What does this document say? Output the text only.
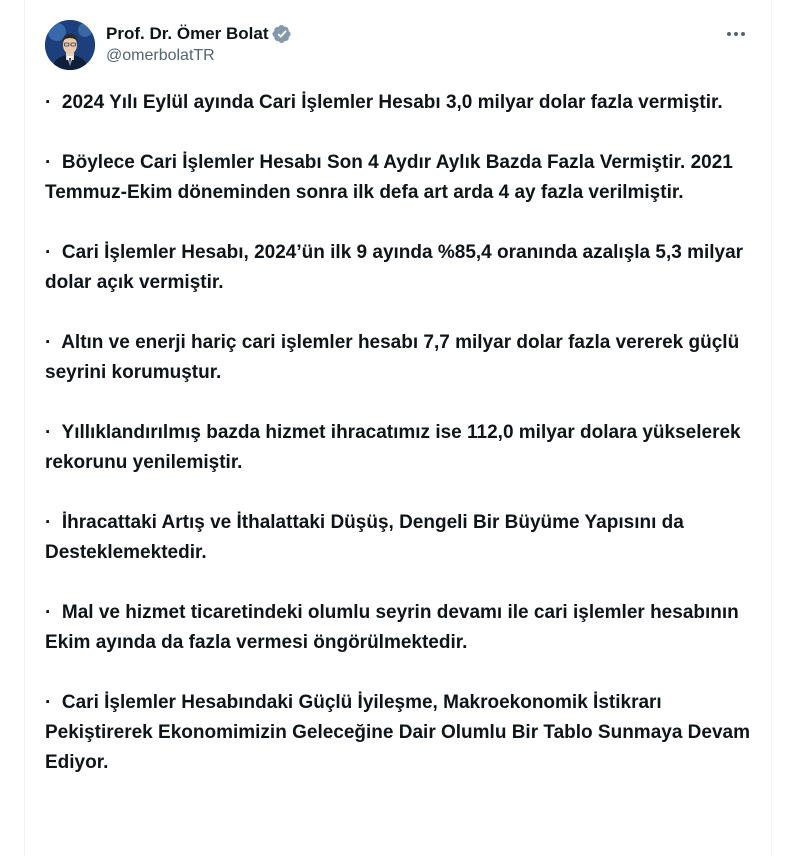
Prof. Dr. Ömer Bolat
@omerbolatTR

· 2024 Yılı Eylül ayında Cari İşlemler Hesabı 3,0 milyar dolar fazla vermiştir.

· Böylece Cari İşlemler Hesabı Son 4 Aydır Aylık Bazda Fazla Vermiştir. 2021 Temmuz-Ekim döneminden sonra ilk defa art arda 4 ay fazla verilmiştir.

· Cari İşlemler Hesabı, 2024’ün ilk 9 ayında %85,4 oranında azalışla 5,3 milyar dolar açık vermiştir.

· Altın ve enerji hariç cari işlemler hesabı 7,7 milyar dolar fazla vererek güçlü seyrini korumuştur.

· Yıllıklandırılmış bazda hizmet ihracatımız ise 112,0 milyar dolara yükselerek rekorunu yenilemiştir.

· İhracattaki Artış ve İthalattaki Düşüş, Dengeli Bir Büyüme Yapısını da Desteklemektedir.

· Mal ve hizmet ticaretindeki olumlu seyrin devamı ile cari işlemler hesabının Ekim ayında da fazla vermesi öngörülmektedir.

· Cari İşlemler Hesabındaki Güçlü İyileşme, Makroekonomik İstikrarı Pekiştirerek Ekonomimizin Geleceğine Dair Olumlu Bir Tablo Sunmaya Devam Ediyor.
